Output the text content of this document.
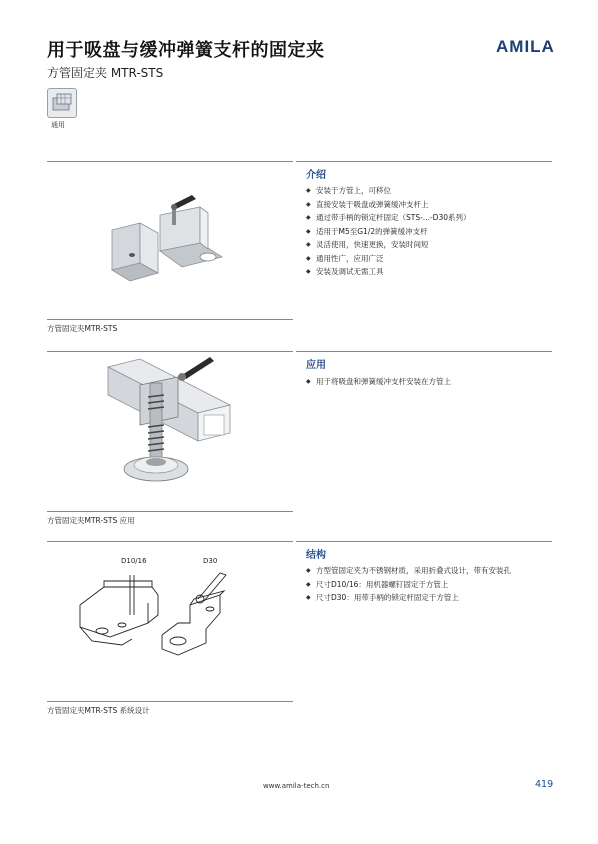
用于吸盘与缓冲弹簧支杆的固定夹
方管固定夹 MTR-STS
AMILA
通用
介绍
◆ 安装于方管上，可移位
◆ 直接安装于吸盘或弹簧缓冲支杆上
◆ 通过带手柄的锁定杆固定（STS-...-D30系列）
◆ 适用于M5至G1/2的弹簧缓冲支杆
◆ 灵活使用，快速更换，安装时间短
◆ 通用性广，应用广泛
◆ 安装及调试无需工具
方管固定夹MTR-STS
应用
◆ 用于将吸盘和弹簧缓冲支杆安装在方管上
方管固定夹MTR-STS 应用
结构
◆ 方型管固定夹为不锈钢材质，采用折叠式设计，带有安装孔
◆ 尺寸D10/16：用机器螺钉固定于方管上
◆ 尺寸D30：用带手柄的锁定杆固定于方管上
D10/16	D30
方管固定夹MTR-STS 系统设计
www.amila-tech.cn	419
